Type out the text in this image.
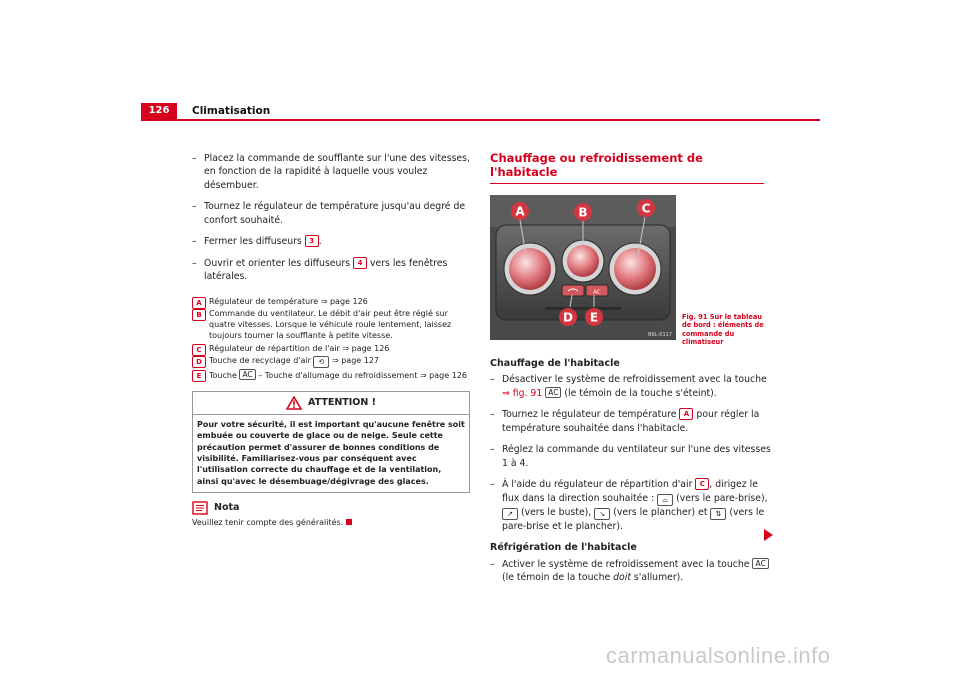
126	Climatisation
– Placez la commande de soufflante sur l'une des vitesses, en fonction de la rapidité à laquelle vous voulez désembuer.
– Tournez le régulateur de température jusqu'au degré de confort souhaité.
– Fermer les diffuseurs 3 .
– Ouvrir et orienter les diffuseurs 4 vers les fenêtres latérales.
A Régulateur de température ⇒ page 126
B Commande du ventilateur. Le débit d'air peut être réglé sur quatre vitesses. Lorsque le véhicule roule lentement, laissez toujours tourner la soufflante à petite vitesse.
C Régulateur de répartition de l'air ⇒ page 126
D Touche de recyclage d'air ⟲ ⇒ page 127
E Touche AC – Touche d'allumage du refroidissement ⇒ page 126
ATTENTION !
Pour votre sécurité, il est important qu'aucune fenêtre soit embuée ou couverte de glace ou de neige. Seule cette précaution permet d'assurer de bonnes conditions de visibilité. Familiarisez-vous par conséquent avec l'utilisation correcte du chauffage et de la ventilation, ainsi qu'avec le désembuage/dégivrage des glaces.
Nota
Veuillez tenir compte des généralités.
Chauffage ou refroidissement de l'habitacle
AC
A	B	C
D E
B6L-0117
Fig. 91 Sur le tableau de bord : éléments de commande du climatiseur
Chauffage de l'habitacle
– Désactiver le système de refroidissement avec la touche
⇒ fig. 91 AC (le témoin de la touche s'éteint).
– Tournez le régulateur de température A pour régler la température souhaitée dans l'habitacle.
– Réglez la commande du ventilateur sur l'une des vitesses 1 à 4.
– À l'aide du régulateur de répartition d'air C , dirigez le flux dans la direction souhaitée : ⌓ (vers le pare-brise), ↗ (vers le buste), ↘ (vers le plancher) et ⇅ (vers le pare-brise et le plancher).
Réfrigération de l'habitacle
– Activer le système de refroidissement avec la touche AC (le témoin de la touche doit s'allumer).
carmanualsonline.info
